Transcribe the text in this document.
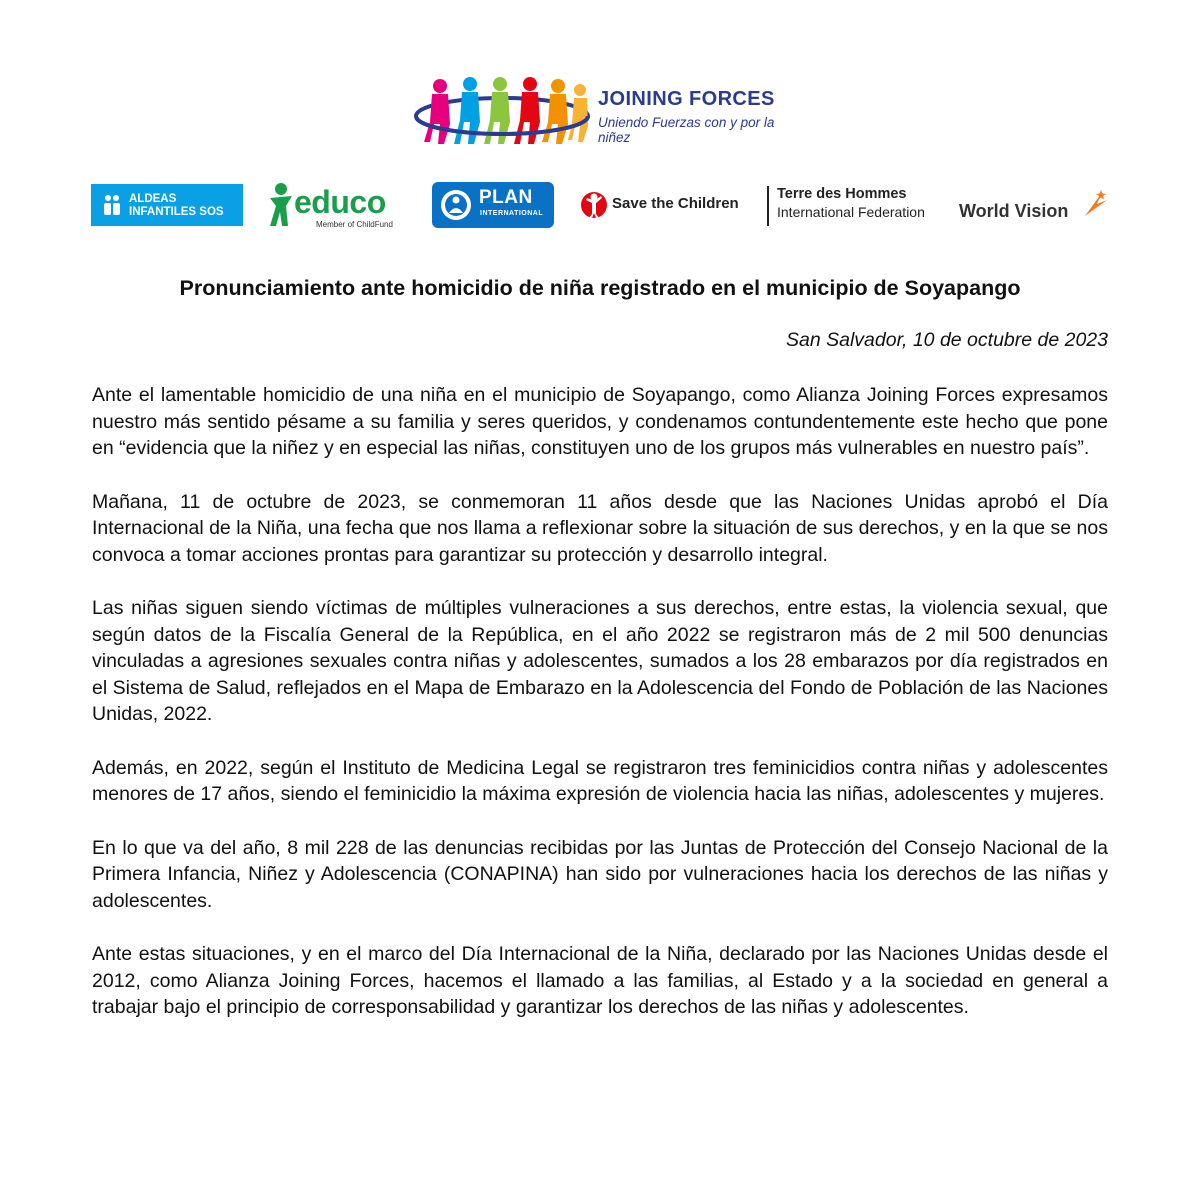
JOINING FORCES
Uniendo Fuerzas con y por la niñez
ALDEAS
INFANTILES SOS educo
Member of ChildFund
PLAN
INTERNATIONAL
Save the Children
Terre des Hommes
International Federation	World Vision
Pronunciamiento ante homicidio de niña registrado en el municipio de Soyapango
San Salvador, 10 de octubre de 2023

Ante el lamentable homicidio de una niña en el municipio de Soyapango, como Alianza Joining Forces expresamos nuestro más sentido pésame a su familia y seres queridos, y condenamos contundentemente este hecho que pone en “evidencia que la niñez y en especial las niñas, constituyen uno de los grupos más vulnerables en nuestro país”.

Mañana, 11 de octubre de 2023, se conmemoran 11 años desde que las Naciones Unidas aprobó el Día Internacional de la Niña, una fecha que nos llama a reflexionar sobre la situación de sus derechos, y en la que se nos convoca a tomar acciones prontas para garantizar su protección y desarrollo integral.

Las niñas siguen siendo víctimas de múltiples vulneraciones a sus derechos, entre estas, la violencia sexual, que según datos de la Fiscalía General de la República, en el año 2022 se registraron más de 2 mil 500 denuncias vinculadas a agresiones sexuales contra niñas y adolescentes, sumados a los 28 embarazos por día registrados en el Sistema de Salud, reflejados en el Mapa de Embarazo en la Adolescencia del Fondo de Población de las Naciones Unidas, 2022.

Además, en 2022, según el Instituto de Medicina Legal se registraron tres feminicidios contra niñas y adolescentes menores de 17 años, siendo el feminicidio la máxima expresión de violencia hacia las niñas, adolescentes y mujeres.

En lo que va del año, 8 mil 228 de las denuncias recibidas por las Juntas de Protección del Consejo Nacional de la Primera Infancia, Niñez y Adolescencia (CONAPINA) han sido por vulneraciones hacia los derechos de las niñas y adolescentes.

Ante estas situaciones, y en el marco del Día Internacional de la Niña, declarado por las Naciones Unidas desde el 2012, como Alianza Joining Forces, hacemos el llamado a las familias, al Estado y a la sociedad en general a trabajar bajo el principio de corresponsabilidad y garantizar los derechos de las niñas y adolescentes.
